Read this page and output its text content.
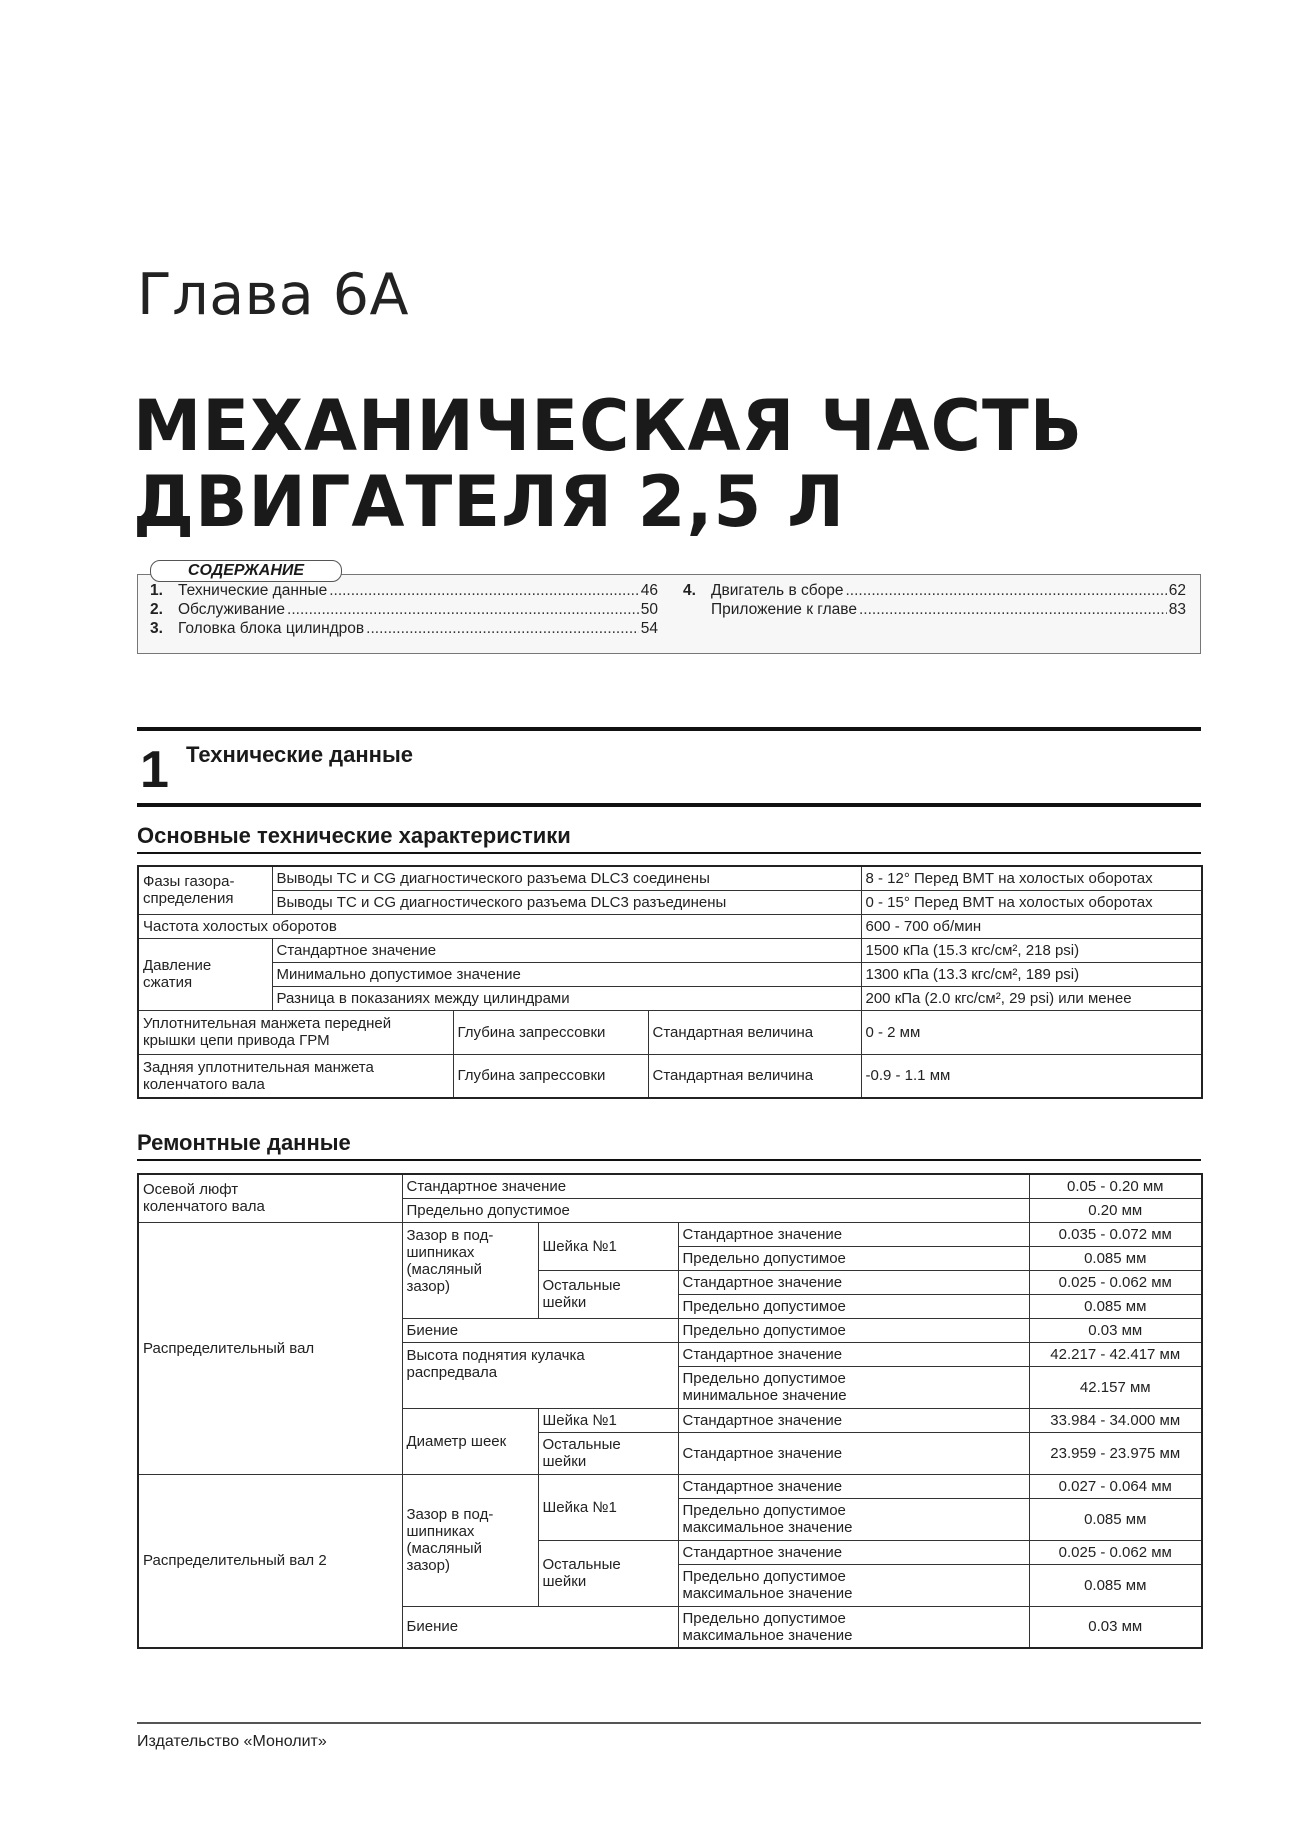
Глава 6А
МЕХАНИЧЕСКАЯ ЧАСТЬ
ДВИГАТЕЛЯ 2,5 Л
СОДЕРЖАНИЕ
1. Технические данные .....	46
2. Обслуживание .....	50
3. Головка блока цилиндров .....	54
4. Двигатель в сборе .....	62
Приложение к главе .....	83
1 Технические данные
Основные технические характеристики
Фазы газора-
спределения	Выводы TC и CG диагностического разъема DLC3 соединены			8 - 12° Перед ВМТ на холостых оборотах
	Выводы TC и CG диагностического разъема DLC3 разъединены			0 - 15° Перед ВМТ на холостых оборотах
Частота холостых оборотов				600 - 700 об/мин
Давление
сжатия	Стандартное значение			1500 кПа (15.3 кгс/см², 218 psi)
	Минимально допустимое значение			1300 кПа (13.3 кгс/см², 189 psi)
	Разница в показаниях между цилиндрами			200 кПа (2.0 кгс/см², 29 psi) или менее
Уплотнительная манжета передней
крышки цепи привода ГРМ		Глубина запрессовки	Стандартная величина	0 - 2 мм
Задняя уплотнительная манжета
коленчатого вала		Глубина запрессовки	Стандартная величина	-0.9 - 1.1 мм
Ремонтные данные
Осевой люфт
коленчатого вала	Стандартное значение			0.05 - 0.20 мм
	Предельно допустимое			0.20 мм
Распределительный вал	Зазор в под-
шипниках
(масляный
зазор)	Шейка №1	Стандартное значение	0.035 - 0.072 мм
			Предельно допустимое	0.085 мм
		Остальные
шейки	Стандартное значение	0.025 - 0.062 мм
			Предельно допустимое	0.085 мм
	Биение		Предельно допустимое	0.03 мм
	Высота поднятия кулачка
распредвала		Стандартное значение	42.217 - 42.417 мм
			Предельно допустимое
минимальное значение	42.157 мм
	Диаметр шеек	Шейка №1	Стандартное значение	33.984 - 34.000 мм
		Остальные
шейки	Стандартное значение	23.959 - 23.975 мм

Распределительный вал 2	Зазор в под-
шипниках
(масляный
зазор)	Шейка №1	Стандартное значение	0.027 - 0.064 мм
			Предельно допустимое
максимальное значение	0.085 мм
		Остальные
шейки	Стандартное значение	0.025 - 0.062 мм
			Предельно допустимое
максимальное значение	0.085 мм
	Биение		Предельно допустимое
максимальное значение	0.03 мм
Издательство «Монолит»
